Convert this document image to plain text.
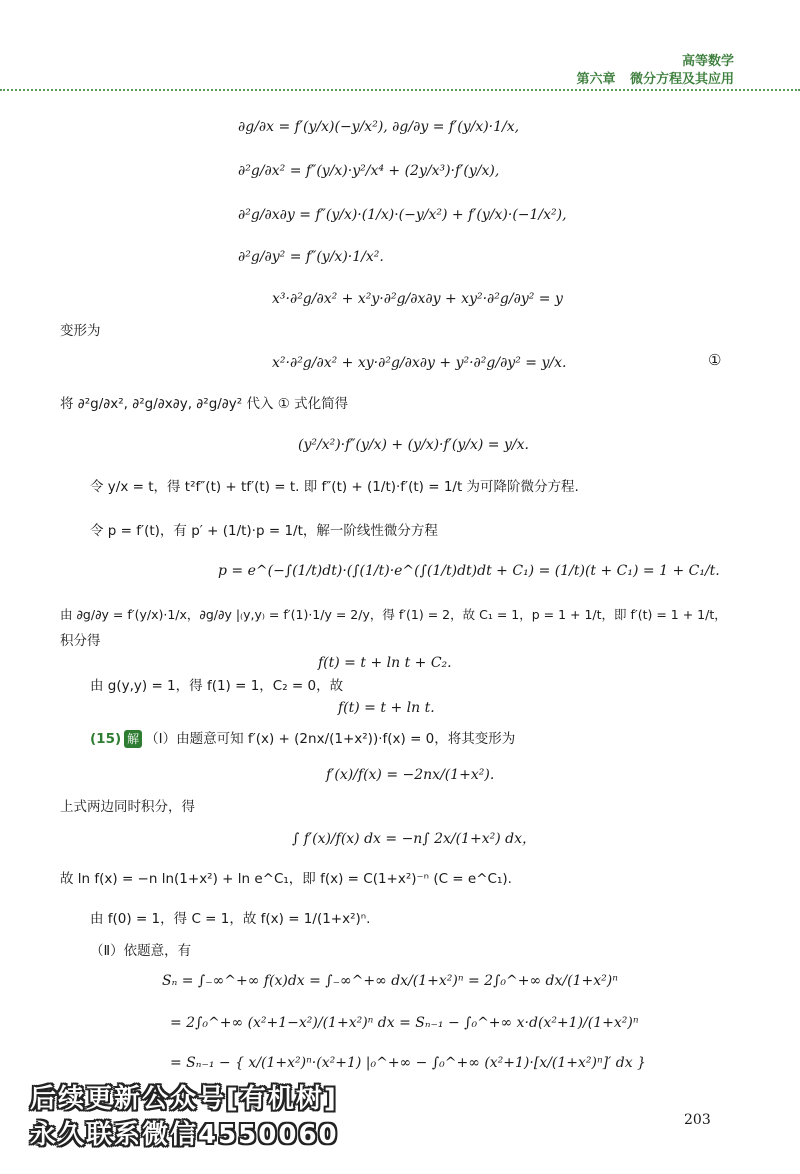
高等数学
第六章 微分方程及其应用
∂g/∂x = f′(y/x)(−y/x²), ∂g/∂y = f′(y/x)·1/x,
∂²g/∂x² = f″(y/x)·y²/x⁴ + (2y/x³)·f′(y/x),
∂²g/∂x∂y = f″(y/x)·(1/x)·(−y/x²) + f′(y/x)·(−1/x²),
∂²g/∂y² = f″(y/x)·1/x².
x³·∂²g/∂x² + x²y·∂²g/∂x∂y + xy²·∂²g/∂y² = y
变形为
x²·∂²g/∂x² + xy·∂²g/∂x∂y + y²·∂²g/∂y² = y/x.	①
将 ∂²g/∂x², ∂²g/∂x∂y, ∂²g/∂y² 代入 ① 式化简得
(y²/x²)·f″(y/x) + (y/x)·f′(y/x) = y/x.
令 y/x = t，得 t²f″(t) + tf′(t) = t. 即 f″(t) + (1/t)·f′(t) = 1/t 为可降阶微分方程.
令 p = f′(t)，有 p′ + (1/t)·p = 1/t，解一阶线性微分方程
p = e^(−∫(1/t)dt)·(∫(1/t)·e^(∫(1/t)dt)dt + C₁) = (1/t)(t + C₁) = 1 + C₁/t.
由 ∂g/∂y = f′(y/x)·1/x，∂g/∂y |₍y,y₎ = f′(1)·1/y = 2/y，得 f′(1) = 2，故 C₁ = 1，p = 1 + 1/t，即 f′(t) = 1 + 1/t，
积分得
f(t) = t + ln t + C₂.
由 g(y,y) = 1，得 f(1) = 1，C₂ = 0，故
f(t) = t + ln t.
(15) 解 （Ⅰ）由题意可知 f′(x) + (2nx/(1+x²))·f(x) = 0，将其变形为
f′(x)/f(x) = −2nx/(1+x²).
上式两边同时积分，得
∫ f′(x)/f(x) dx = −n∫ 2x/(1+x²) dx，
故 ln f(x) = −n ln(1+x²) + ln e^C₁，即 f(x) = C(1+x²)⁻ⁿ (C = e^C₁).
由 f(0) = 1，得 C = 1，故 f(x) = 1/(1+x²)ⁿ.
（Ⅱ）依题意，有
Sₙ = ∫₋∞^+∞ f(x)dx = ∫₋∞^+∞ dx/(1+x²)ⁿ = 2∫₀^+∞ dx/(1+x²)ⁿ
= 2∫₀^+∞ (x²+1−x²)/(1+x²)ⁿ dx = Sₙ₋₁ − ∫₀^+∞ x·d(x²+1)/(1+x²)ⁿ
= Sₙ₋₁ − { x/(1+x²)ⁿ·(x²+1) |₀^+∞ − ∫₀^+∞ (x²+1)·[x/(1+x²)ⁿ]′ dx }
后续更新公众号[有机树]
永久联系微信4550060	203
